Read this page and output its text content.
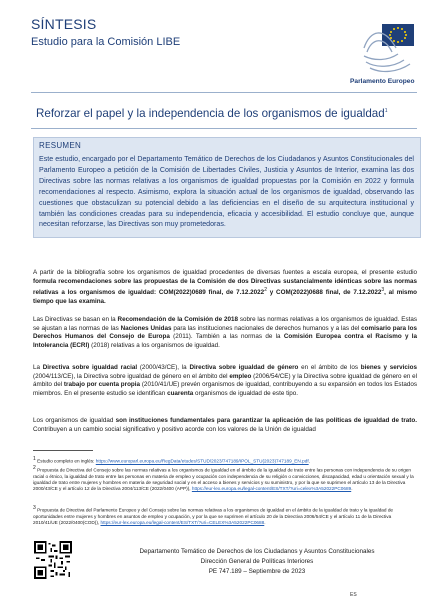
SÍNTESIS
Estudio para la Comisión LIBE
Parlamento Europeo
Reforzar el papel y la independencia de los organismos de igualdad$^1$
RESUMEN
Este estudio, encargado por el Departamento Temático de Derechos de los Ciudadanos y Asuntos Constitucionales del Parlamento Europeo a petición de la Comisión de Libertades Civiles, Justicia y Asuntos de Interior, examina las dos Directivas sobre las normas relativas a los organismos de igualdad propuestas por la Comisión en 2022 y formula recomendaciones al respecto. Asimismo, explora la situación actual de los organismos de igualdad, observando las cuestiones que obstaculizan su potencial debido a las deficiencias en el diseño de su arquitectura institucional y también las condiciones creadas para su independencia, eficacia y accesibilidad. El estudio concluye que, aunque necesitan reforzarse, las Directivas son muy prometedoras.
A partir de la bibliografía sobre los organismos de igualdad procedentes de diversas fuentes a escala europea, el presente estudio formula recomendaciones sobre las propuestas de la Comisión de dos Directivas sustancialmente idénticas sobre las normas relativas a los organismos de igualdad: COM(2022)0689 final, de 7.12.2022$^2$ y COM(2022)0688 final, de 7.12.2022$^3$, al mismo tiempo que las examina.
Las Directivas se basan en la Recomendación de la Comisión de 2018 sobre las normas relativas a los organismos de igualdad. Estas se ajustan a las normas de las Naciones Unidas para las instituciones nacionales de derechos humanos y a las del comisario para los Derechos Humanos del Consejo de Europa (2011). También a las normas de la Comisión Europea contra el Racismo y la Intolerancia (ECRI) (2018) relativas a los organismos de igualdad.
La Directiva sobre igualdad racial (2000/43/CE), la Directiva sobre igualdad de género en el ámbito de los bienes y servicios (2004/113/CE), la Directiva sobre igualdad de género en el ámbito del empleo (2006/54/CE) y la Directiva sobre igualdad de género en el ámbito del trabajo por cuenta propia (2010/41/UE) prevén organismos de igualdad, contribuyendo a su expansión en todos los Estados miembros. En el presente estudio se identifican cuarenta organismos de igualdad de este tipo.
Los organismos de igualdad son instituciones fundamentales para garantizar la aplicación de las políticas de igualdad de trato. Contribuyen a un cambio social significativo y positivo acorde con los valores de la Unión de igualdad
$^1$ Estudio completo en inglés: https://www.europarl.europa.eu/RegData/etudes/STUD/2023/747189/IPOL_STU(2023)747189_EN.pdf.
$^2$ Propuesta de Directiva del Consejo sobre las normas relativas a los organismos de igualdad en el ámbito de la igualdad de trato entre las personas con independencia de su origen racial o étnico, la igualdad de trato entre las personas en materia de empleo y ocupación con independencia de su religión o convicciones, discapacidad, edad u orientación sexual y la igualdad de trato entre mujeres y hombres en materia de seguridad social y en el acceso a bienes y servicios y su suministro, y por la que se suprimen el artículo 13 de la Directiva 2000/43/CE y el artículo 12 de la Directiva 2004/113/CE (2022/0400 (APP)), https://eur-lex.europa.eu/legal-content/ES/TXT/?uri=celex%3A52022PC0689.
$^3$ Propuesta de Directiva del Parlamento Europeo y del Consejo sobre las normas relativas a los organismos de igualdad en el ámbito de la igualdad de trato y la igualdad de oportunidades entre mujeres y hombres en asuntos de empleo y ocupación, y por la que se suprimen el artículo 20 de la Directiva 2006/54/CE y el artículo 11 de la Directiva 2010/41/UE (2022/0400(COD)), https://eur-lex.europa.eu/legal-content/ES/TXT/?uri=CELEX%3A52022PC0688.
Departamento Temático de Derechos de los Ciudadanos y Asuntos Constitucionales
Dirección General de Políticas Interiores
PE 747.189 – Septiembre de 2023
ES
